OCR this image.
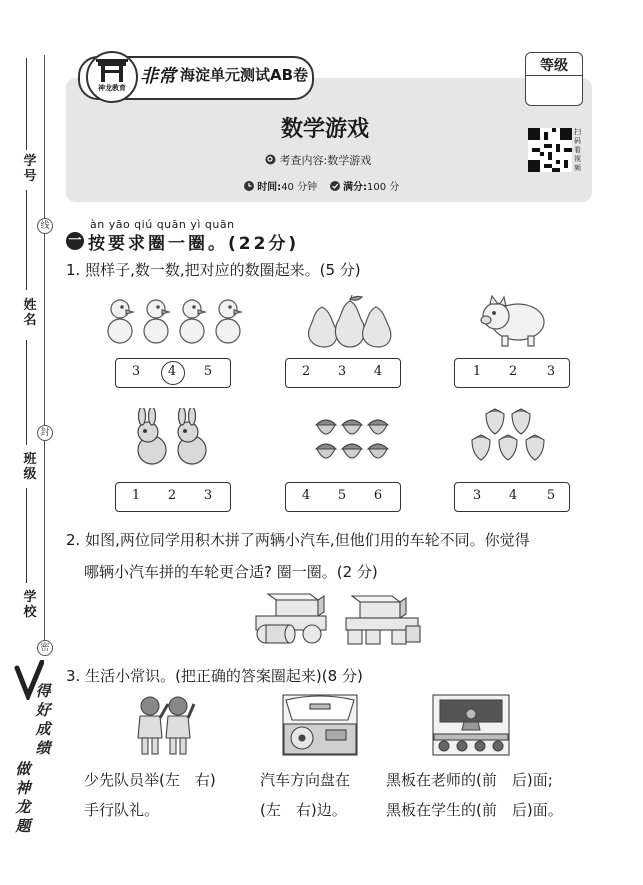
学号
姓名
班级
学校
线
封
密
得好成绩
做神龙题
神龙教育
非常 海淀单元测试AB卷	等级
数学游戏
考查内容:数学游戏
时间:40 分钟	满分:100 分
扫码看视频
àn yāo qiú quān yì quān
一 按要求圈一圈。(22分)
1. 照样子,数一数,把对应的数圈起来。(5 分)
3	4	5	2	3	4	1	2	3
1	2	3	4	5	6	3	4	5
2. 如图,两位同学用积木拼了两辆小汽车,但他们用的车轮不同。你觉得
哪辆小汽车拼的车轮更合适? 圈一圈。(2 分)
3. 生活小常识。(把正确的答案圈起来)(8 分)
少先队员举(左　右)
手行队礼。
汽车方向盘在
(左　右)边。
黑板在老师的(前　后)面;
黑板在学生的(前　后)面。
